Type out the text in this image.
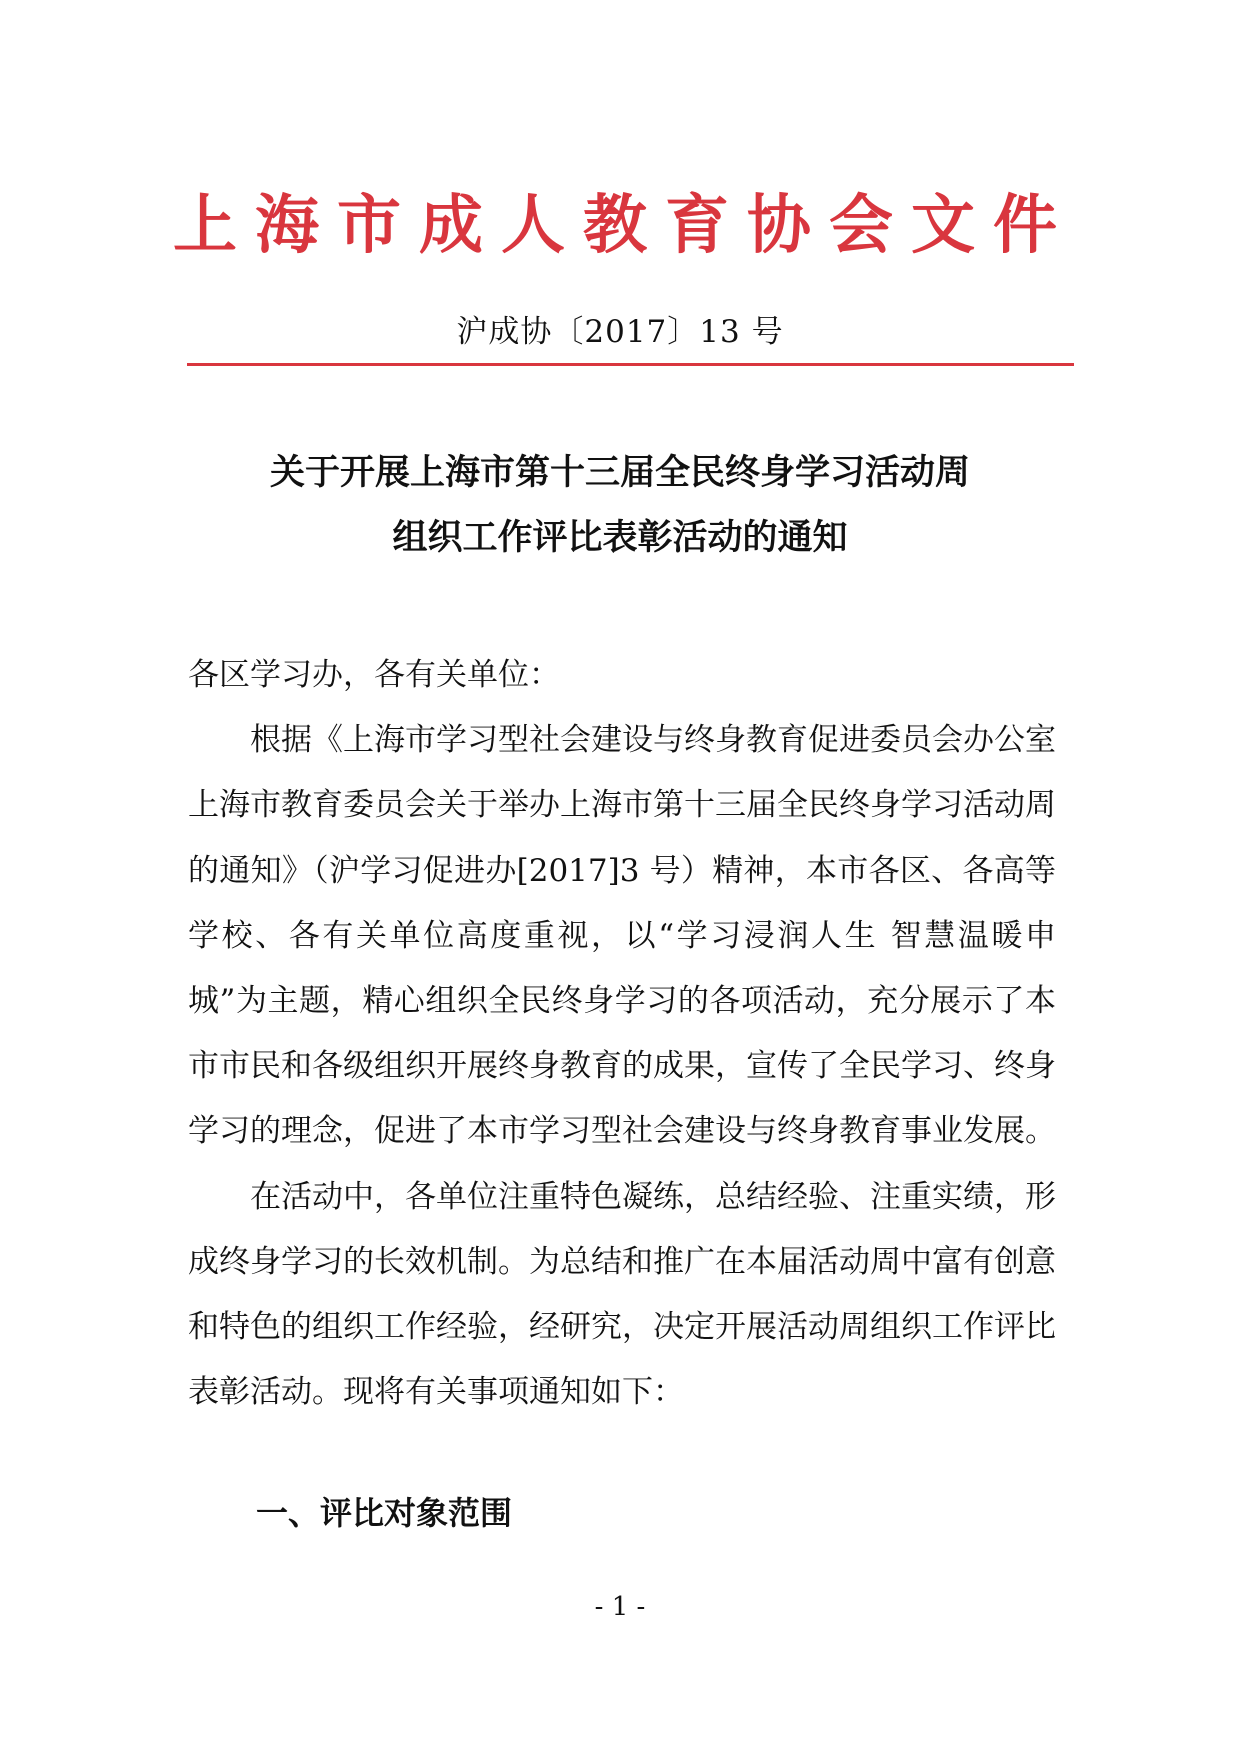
上海市成人教育协会文件
沪成协〔2017〕13 号
关于开展上海市第十三届全民终身学习活动周
组织工作评比表彰活动的通知

各区学习办，各有关单位：

根据《上海市学习型社会建设与终身教育促进委员会办公室上海市教育委员会关于举办上海市第十三届全民终身学习活动周的通知》（沪学习促进办[2017]3 号）精神，本市各区、各高等学校、各有关单位高度重视，以“学习浸润人生 智慧温暖申城”为主题，精心组织全民终身学习的各项活动，充分展示了本市市民和各级组织开展终身教育的成果，宣传了全民学习、终身学习的理念，促进了本市学习型社会建设与终身教育事业发展。

在活动中，各单位注重特色凝练，总结经验、注重实绩，形成终身学习的长效机制。为总结和推广在本届活动周中富有创意和特色的组织工作经验，经研究，决定开展活动周组织工作评比表彰活动。现将有关事项通知如下：

一、评比对象范围
- 1 -
